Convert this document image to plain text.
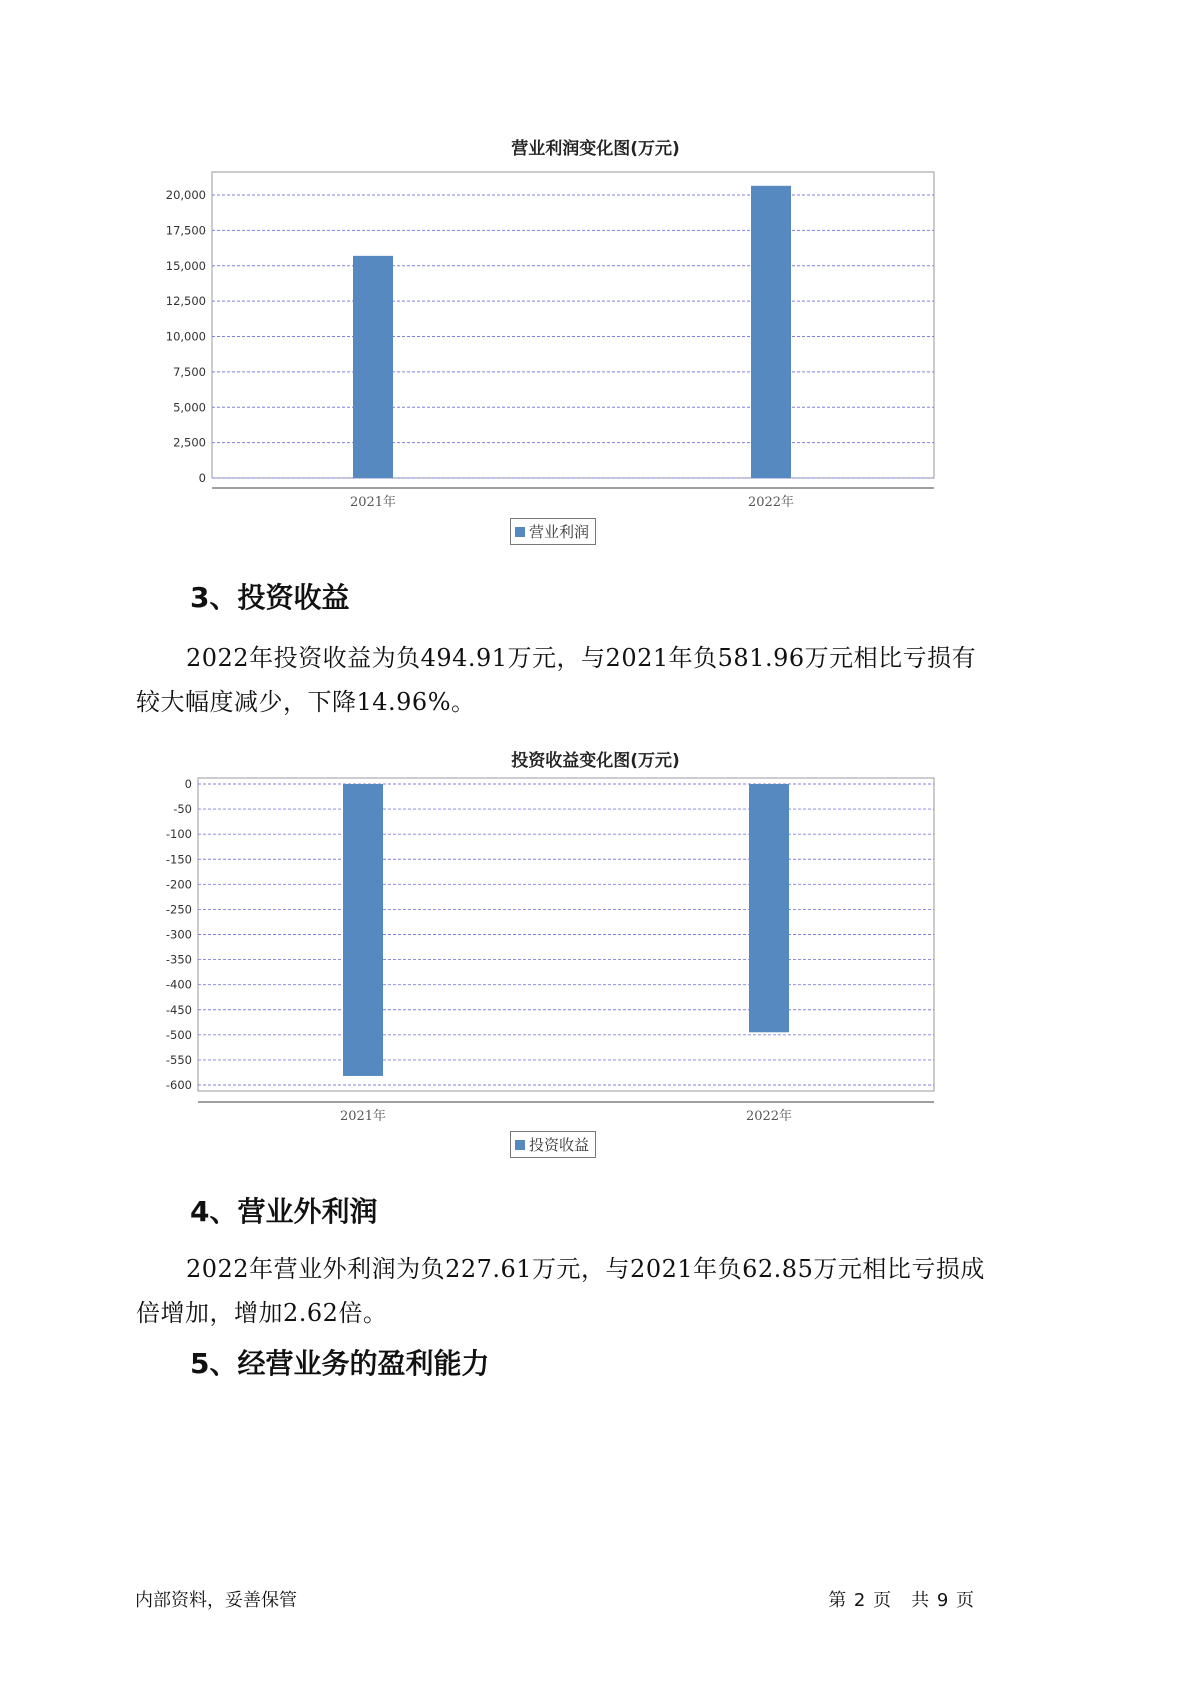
营业利润变化图(万元)
0
2,500
5,000
7,500
10,000
12,500
15,000
17,500
20,000
2021年	2022年
营业利润
3、投资收益

2022年投资收益为负494.91万元，与2021年负581.96万元相比亏损有较大幅度减少，下降14.96%。

投资收益变化图(万元)
0
-50
-100
-150
-200
-250
-300
-350
-400
-450
-500
-550
-600
2021年	2022年
投资收益
4、营业外利润

2022年营业外利润为负227.61万元，与2021年负62.85万元相比亏损成倍增加，增加2.62倍。

5、经营业务的盈利能力
内部资料，妥善保管	第 2 页　共 9 页
